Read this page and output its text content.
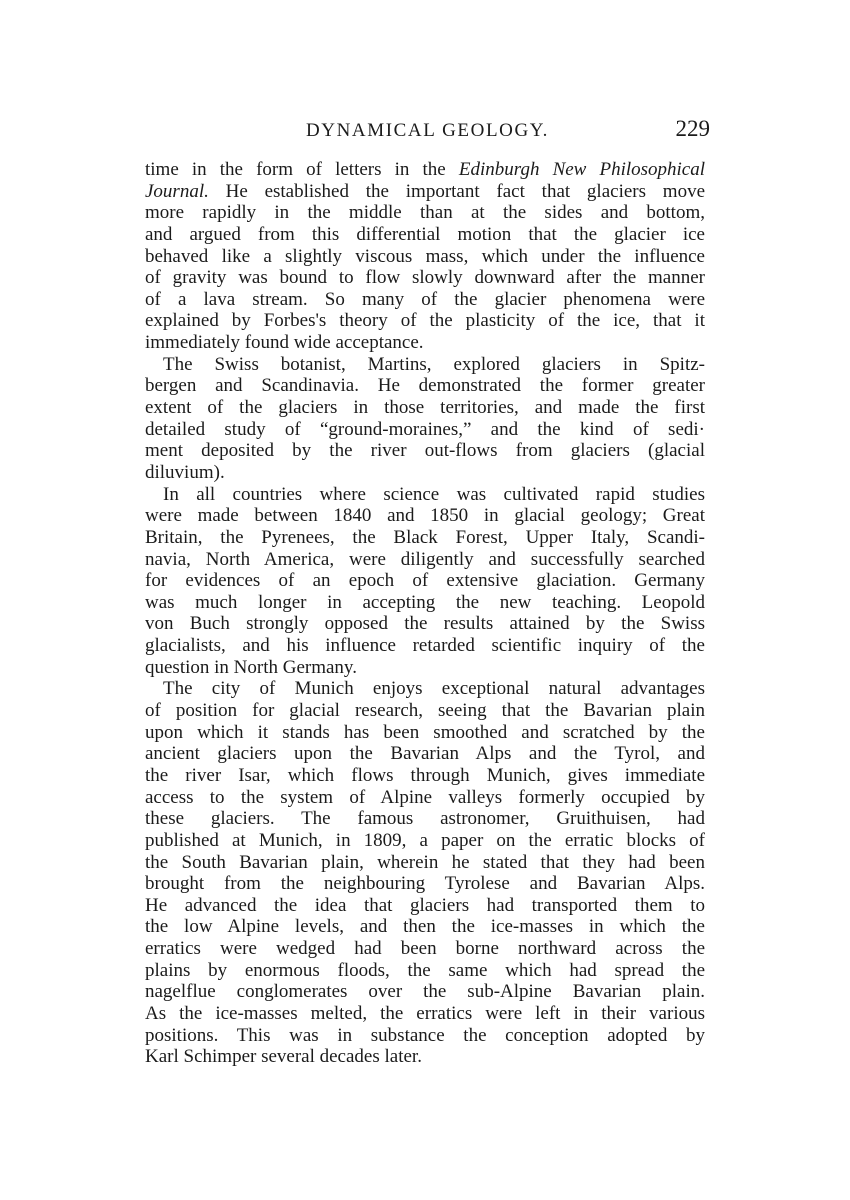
DYNAMICAL GEOLOGY.	229
time in the form of letters in the Edinburgh New Philosophical
Journal. He established the important fact that glaciers move
more rapidly in the middle than at the sides and bottom,
and argued from this differential motion that the glacier ice
behaved like a slightly viscous mass, which under the influence
of gravity was bound to flow slowly downward after the manner
of a lava stream. So many of the glacier phenomena were
explained by Forbes's theory of the plasticity of the ice, that it
immediately found wide acceptance.
The Swiss botanist, Martins, explored glaciers in Spitz-
bergen and Scandinavia. He demonstrated the former greater
extent of the glaciers in those territories, and made the first
detailed study of “ground-moraines,” and the kind of sedi·
ment deposited by the river out-flows from glaciers (glacial
diluvium).
In all countries where science was cultivated rapid studies
were made between 1840 and 1850 in glacial geology; Great
Britain, the Pyrenees, the Black Forest, Upper Italy, Scandi-
navia, North America, were diligently and successfully searched
for evidences of an epoch of extensive glaciation. Germany
was much longer in accepting the new teaching. Leopold
von Buch strongly opposed the results attained by the Swiss
glacialists, and his influence retarded scientific inquiry of the
question in North Germany.
The city of Munich enjoys exceptional natural advantages
of position for glacial research, seeing that the Bavarian plain
upon which it stands has been smoothed and scratched by the
ancient glaciers upon the Bavarian Alps and the Tyrol, and
the river Isar, which flows through Munich, gives immediate
access to the system of Alpine valleys formerly occupied by
these glaciers. The famous astronomer, Gruithuisen, had
published at Munich, in 1809, a paper on the erratic blocks of
the South Bavarian plain, wherein he stated that they had been
brought from the neighbouring Tyrolese and Bavarian Alps.
He advanced the idea that glaciers had transported them to
the low Alpine levels, and then the ice-masses in which the
erratics were wedged had been borne northward across the
plains by enormous floods, the same which had spread the
nagelflue conglomerates over the sub-Alpine Bavarian plain.
As the ice-masses melted, the erratics were left in their various
positions. This was in substance the conception adopted by
Karl Schimper several decades later.
